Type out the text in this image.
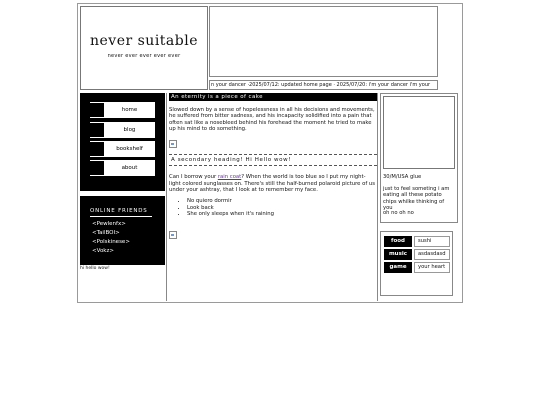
never suitable
never ever ever ever ever
n your dancer ·2025/07/12: updated home page · 2025/07/20: i'm your dancer i'm your
home
blog
bookshelf
about
ONLINE FRIENDS
<Pewlenfx>
<TailBOI>
<Polskinese>
<Vokz>
hi hello wow!
An eternity is a piece of cake
Slowed down by a sense of hopelessness in all his decisions and movements, he suffered from bitter sadness, and his incapacity solidified into a pain that often sat like a nosebleed behind his forehead the moment he tried to make up his mind to do something.
A secondary heading! Hi Hello wow!
Can I borrow your rain coat? When the world is too blue so I put my night-light colored sunglasses on. There's still the half-burned polaroid picture of us under your ashtray, that I look at to remember my face.
• No quiero dormir
• Look back
• She only sleeps when it's raining
30/M/USA glue
just to feel someting i am eating all these potato chips whilke thinking of you
oh no oh no
food	sushi
music	asdasdasd
game	your heart
